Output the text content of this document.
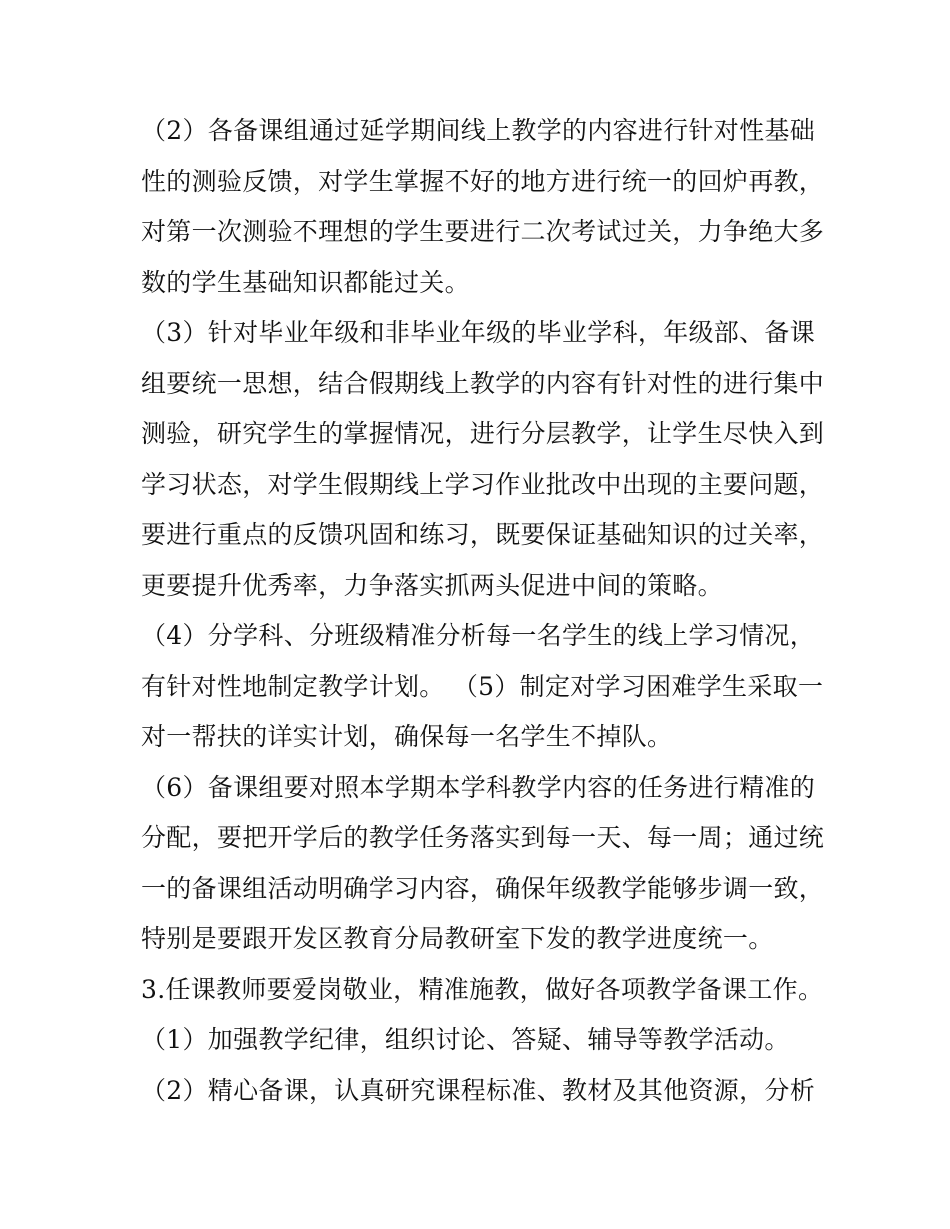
（2）各备课组通过延学期间线上教学的内容进行针对性基础
性的测验反馈，对学生掌握不好的地方进行统一的回炉再教，
对第一次测验不理想的学生要进行二次考试过关，力争绝大多
数的学生基础知识都能过关。
（3）针对毕业年级和非毕业年级的毕业学科，年级部、备课
组要统一思想，结合假期线上教学的内容有针对性的进行集中
测验，研究学生的掌握情况，进行分层教学，让学生尽快入到
学习状态，对学生假期线上学习作业批改中出现的主要问题，
要进行重点的反馈巩固和练习，既要保证基础知识的过关率，
更要提升优秀率，力争落实抓两头促进中间的策略。
（4）分学科、分班级精准分析每一名学生的线上学习情况，
有针对性地制定教学计划。 （5）制定对学习困难学生采取一
对一帮扶的详实计划，确保每一名学生不掉队。
（6）备课组要对照本学期本学科教学内容的任务进行精准的
分配，要把开学后的教学任务落实到每一天、每一周；通过统
一的备课组活动明确学习内容，确保年级教学能够步调一致，
特别是要跟开发区教育分局教研室下发的教学进度统一。
3.任课教师要爱岗敬业，精准施教，做好各项教学备课工作。
（1）加强教学纪律，组织讨论、答疑、辅导等教学活动。
（2）精心备课，认真研究课程标准、教材及其他资源，分析
